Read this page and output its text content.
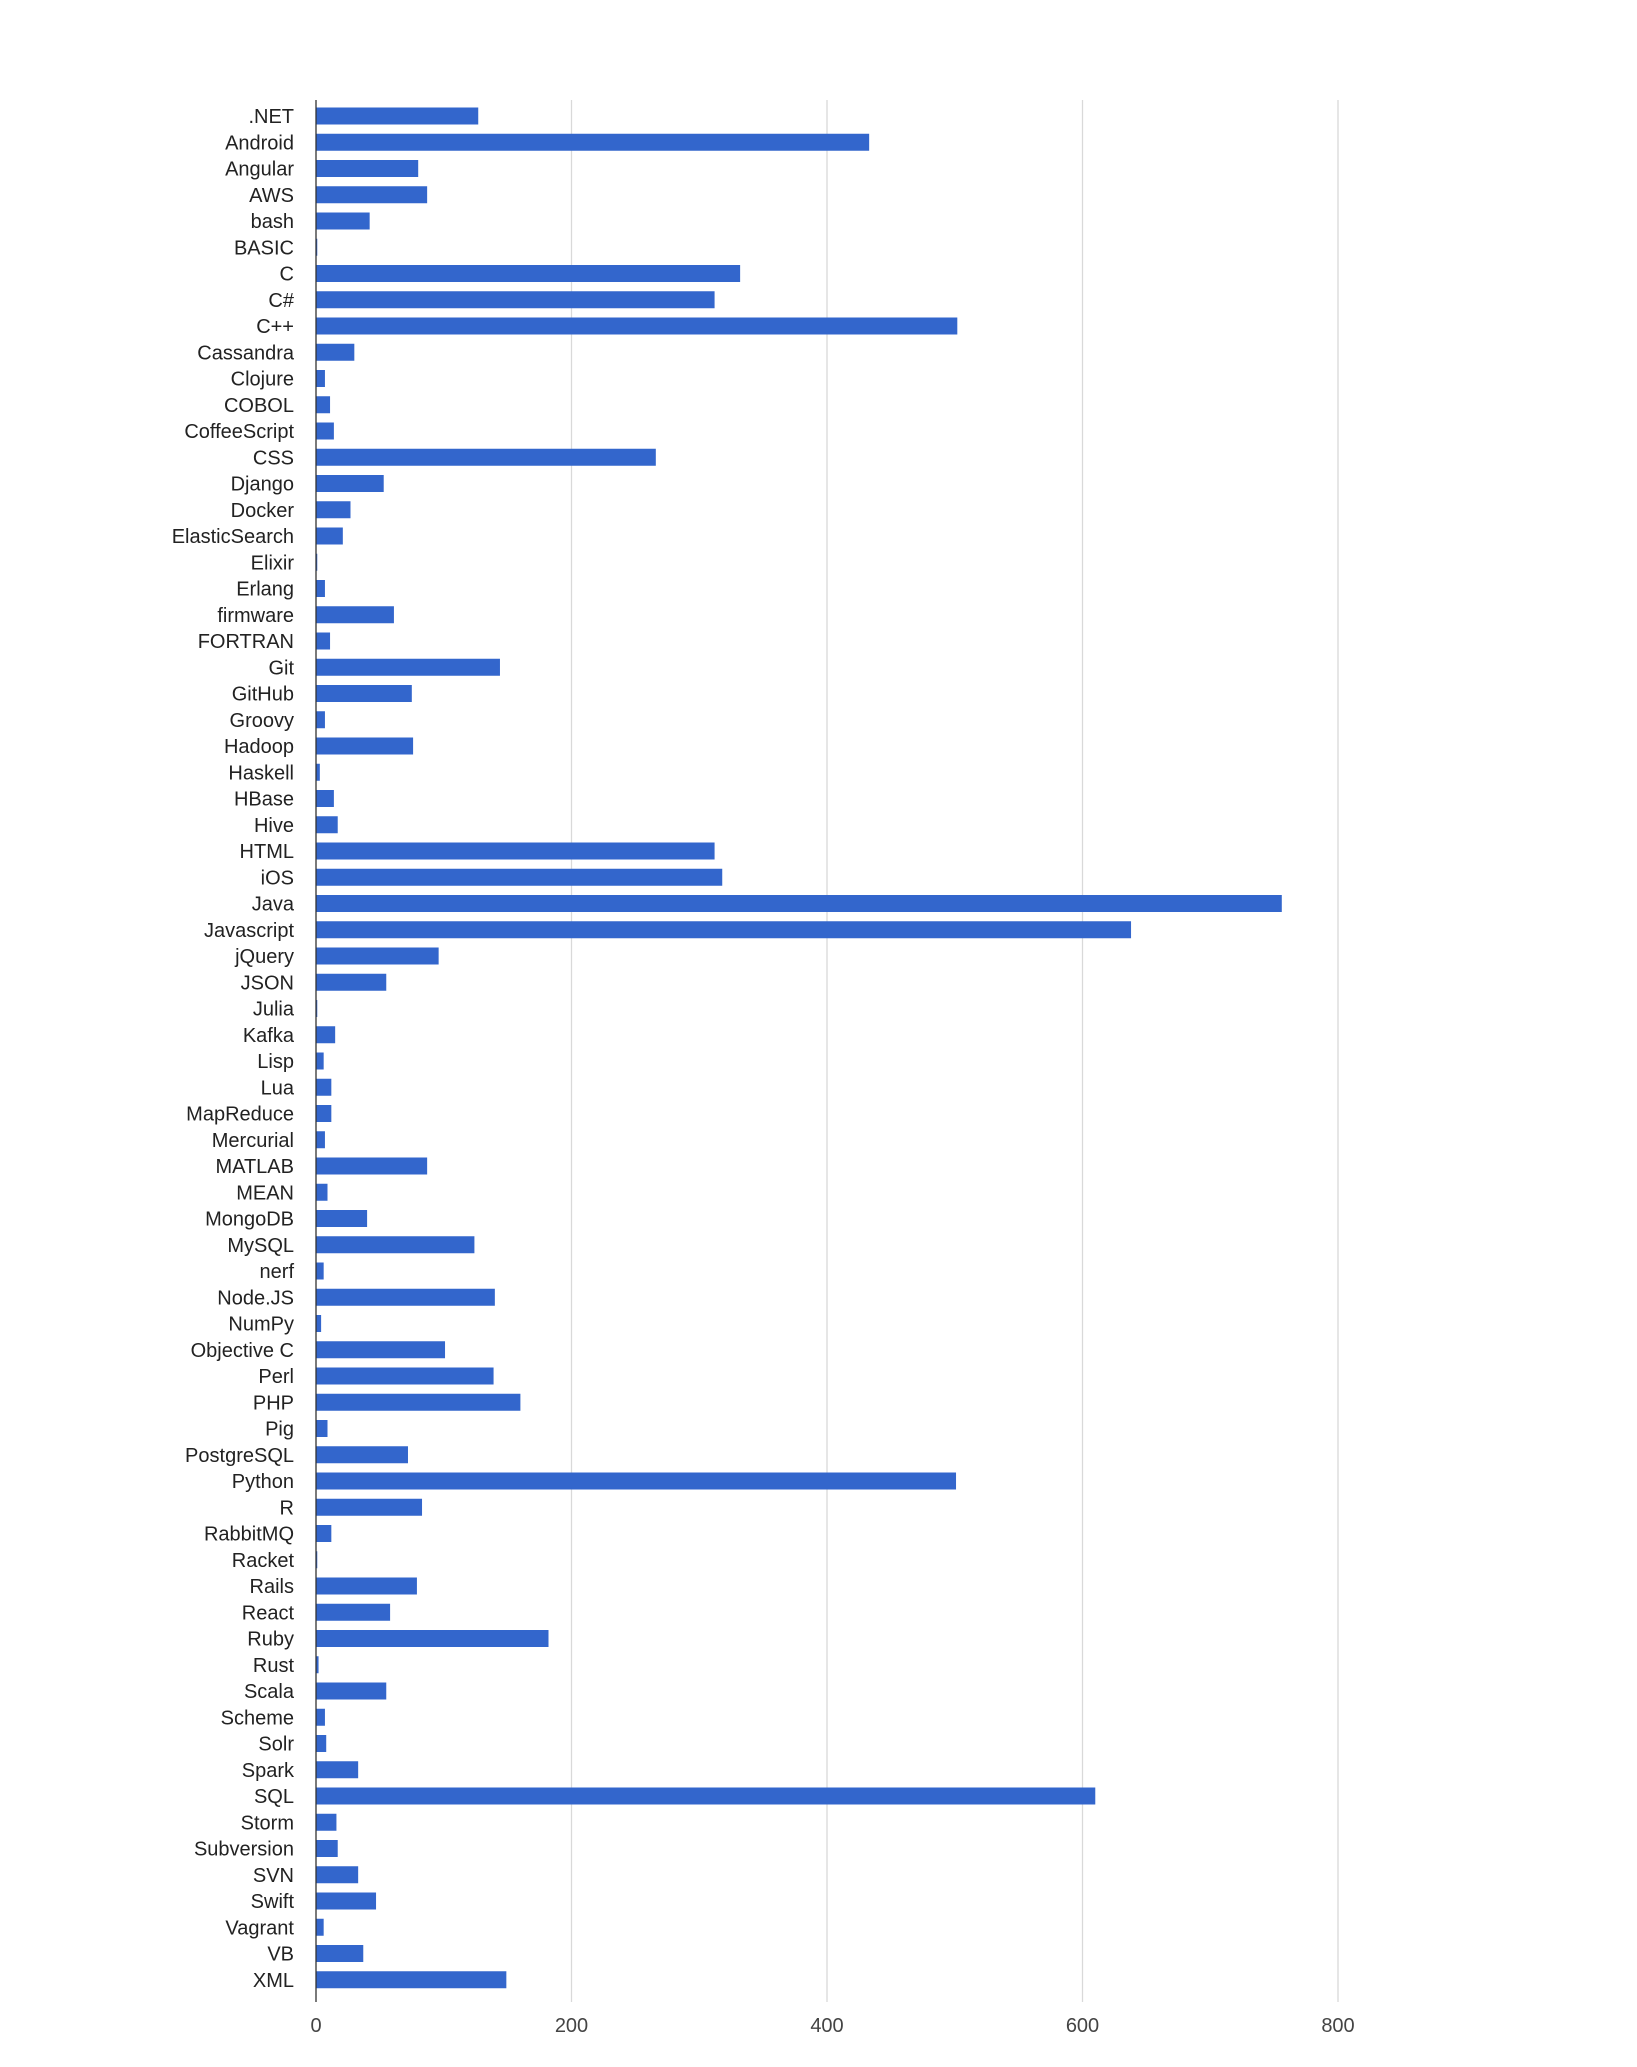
.NET
Android
Angular
AWS
bash
BASIC
C
C#
C++
Cassandra
Clojure
COBOL
CoffeeScript
CSS
Django
Docker
ElasticSearch
Elixir
Erlang
firmware
FORTRAN
Git
GitHub
Groovy
Hadoop
Haskell
HBase
Hive
HTML
iOS
Java
Javascript
jQuery
JSON
Julia
Kafka
Lisp
Lua
MapReduce
Mercurial
MATLAB
MEAN
MongoDB
MySQL
nerf
Node.JS
NumPy
Objective C
Perl
PHP
Pig
PostgreSQL
Python
R
RabbitMQ
Racket
Rails
React
Ruby
Rust
Scala
Scheme
Solr
Spark
SQL
Storm
Subversion
SVN
Swift
Vagrant
VB
XML
0	200	400	600	800
